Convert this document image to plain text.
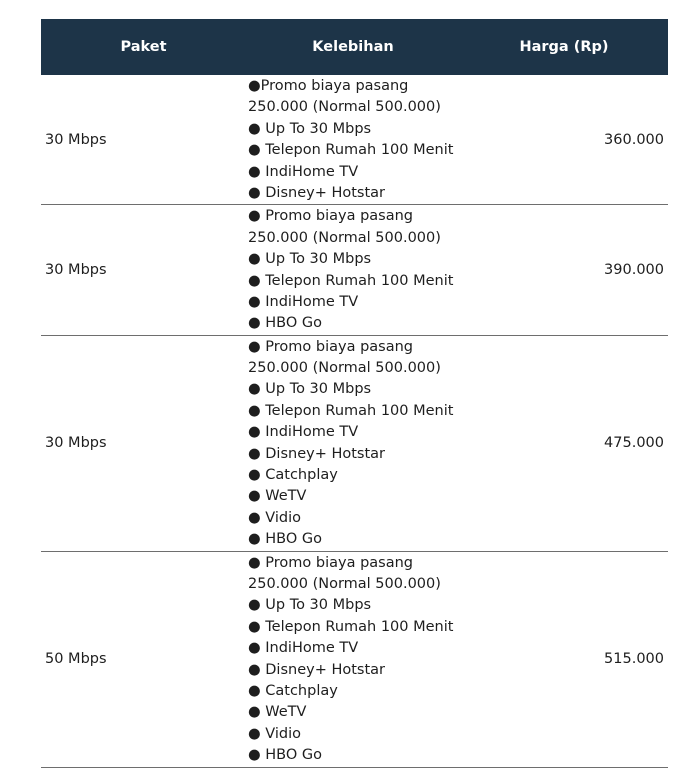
Paket	Kelebihan	Harga (Rp)
30 Mbps
●Promo biaya pasang
250.000 (Normal 500.000)
● Up To 30 Mbps
● Telepon Rumah 100 Menit
● IndiHome TV
● Disney+ Hotstar
360.000
30 Mbps
● Promo biaya pasang
250.000 (Normal 500.000)
● Up To 30 Mbps
● Telepon Rumah 100 Menit
● IndiHome TV
● HBO Go
390.000
30 Mbps
● Promo biaya pasang
250.000 (Normal 500.000)
● Up To 30 Mbps
● Telepon Rumah 100 Menit
● IndiHome TV
● Disney+ Hotstar
● Catchplay
● WeTV
● Vidio
● HBO Go
475.000
50 Mbps
● Promo biaya pasang
250.000 (Normal 500.000)
● Up To 30 Mbps
● Telepon Rumah 100 Menit
● IndiHome TV
● Disney+ Hotstar
● Catchplay
● WeTV
● Vidio
● HBO Go
515.000
